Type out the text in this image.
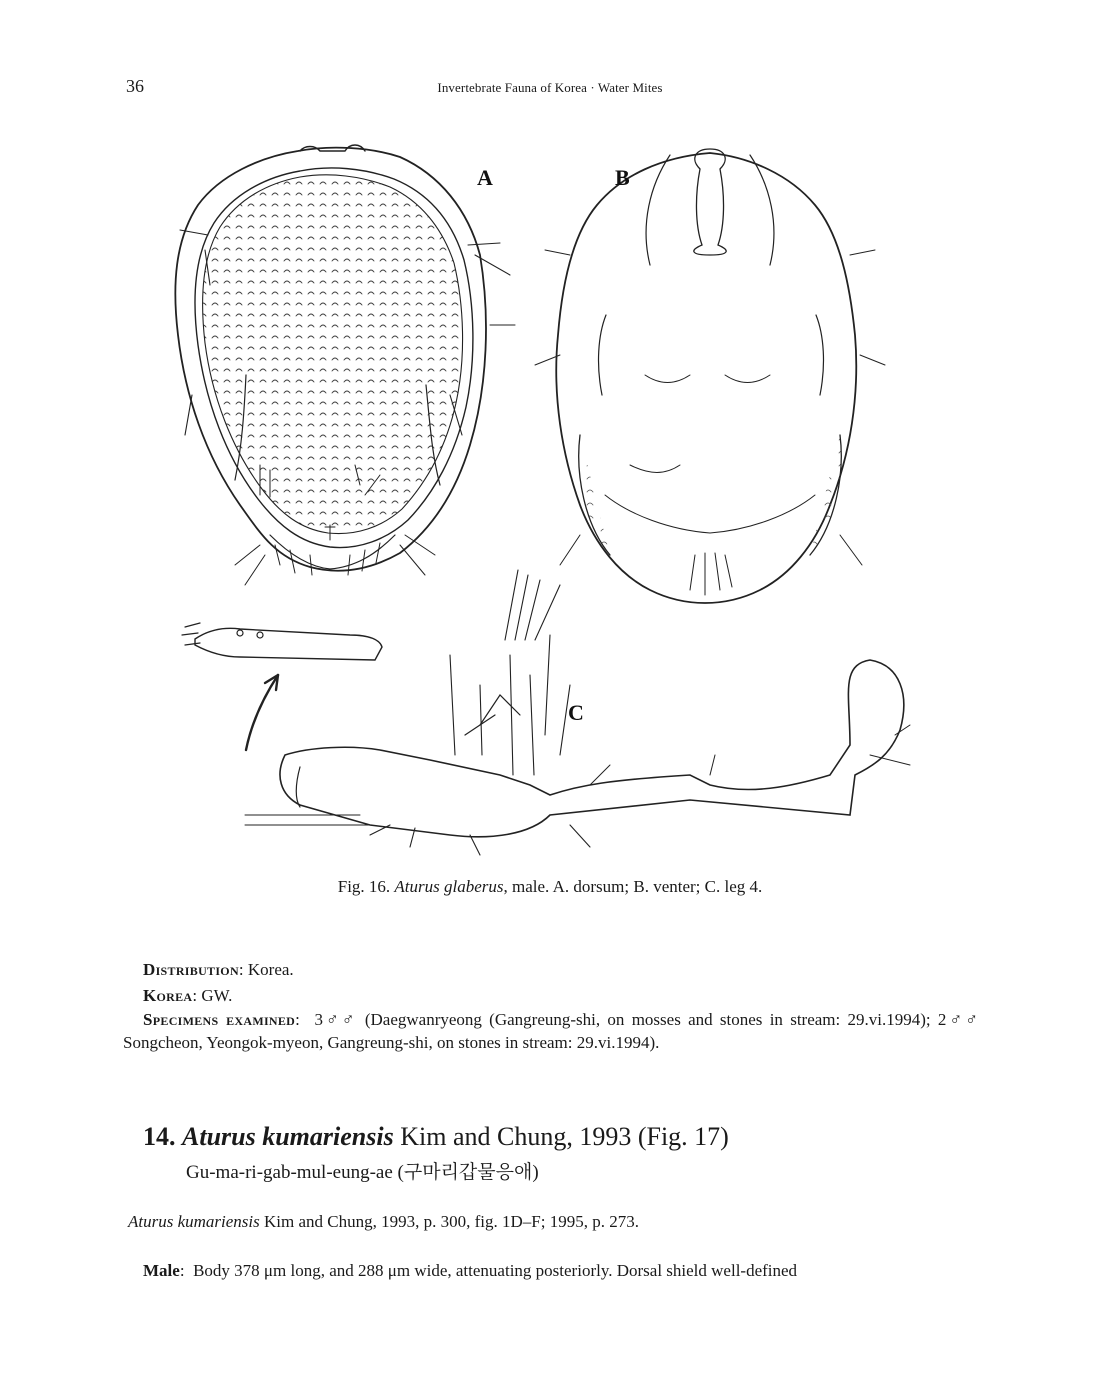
36	Invertebrate Fauna of Korea · Water Mites
A	B
C
Fig. 16. Aturus glaberus, male. A. dorsum; B. venter; C. leg 4.
Distribution: Korea.
Korea: GW.
Specimens examined:  3♂♂ (Daegwanryeong (Gangreung-shi, on mosses and stones in stream: 29.vi.1994); 2♂♂ Songcheon, Yeongok-myeon, Gangreung-shi, on stones in stream: 29.vi.1994).
14. Aturus kumariensis Kim and Chung, 1993 (Fig. 17)
Gu-ma-ri-gab-mul-eung-ae (구마리갑물응애)
Aturus kumariensis Kim and Chung, 1993, p. 300, fig. 1D–F; 1995, p. 273.
Male:  Body 378 μm long, and 288 μm wide, attenuating posteriorly. Dorsal shield well-defined
